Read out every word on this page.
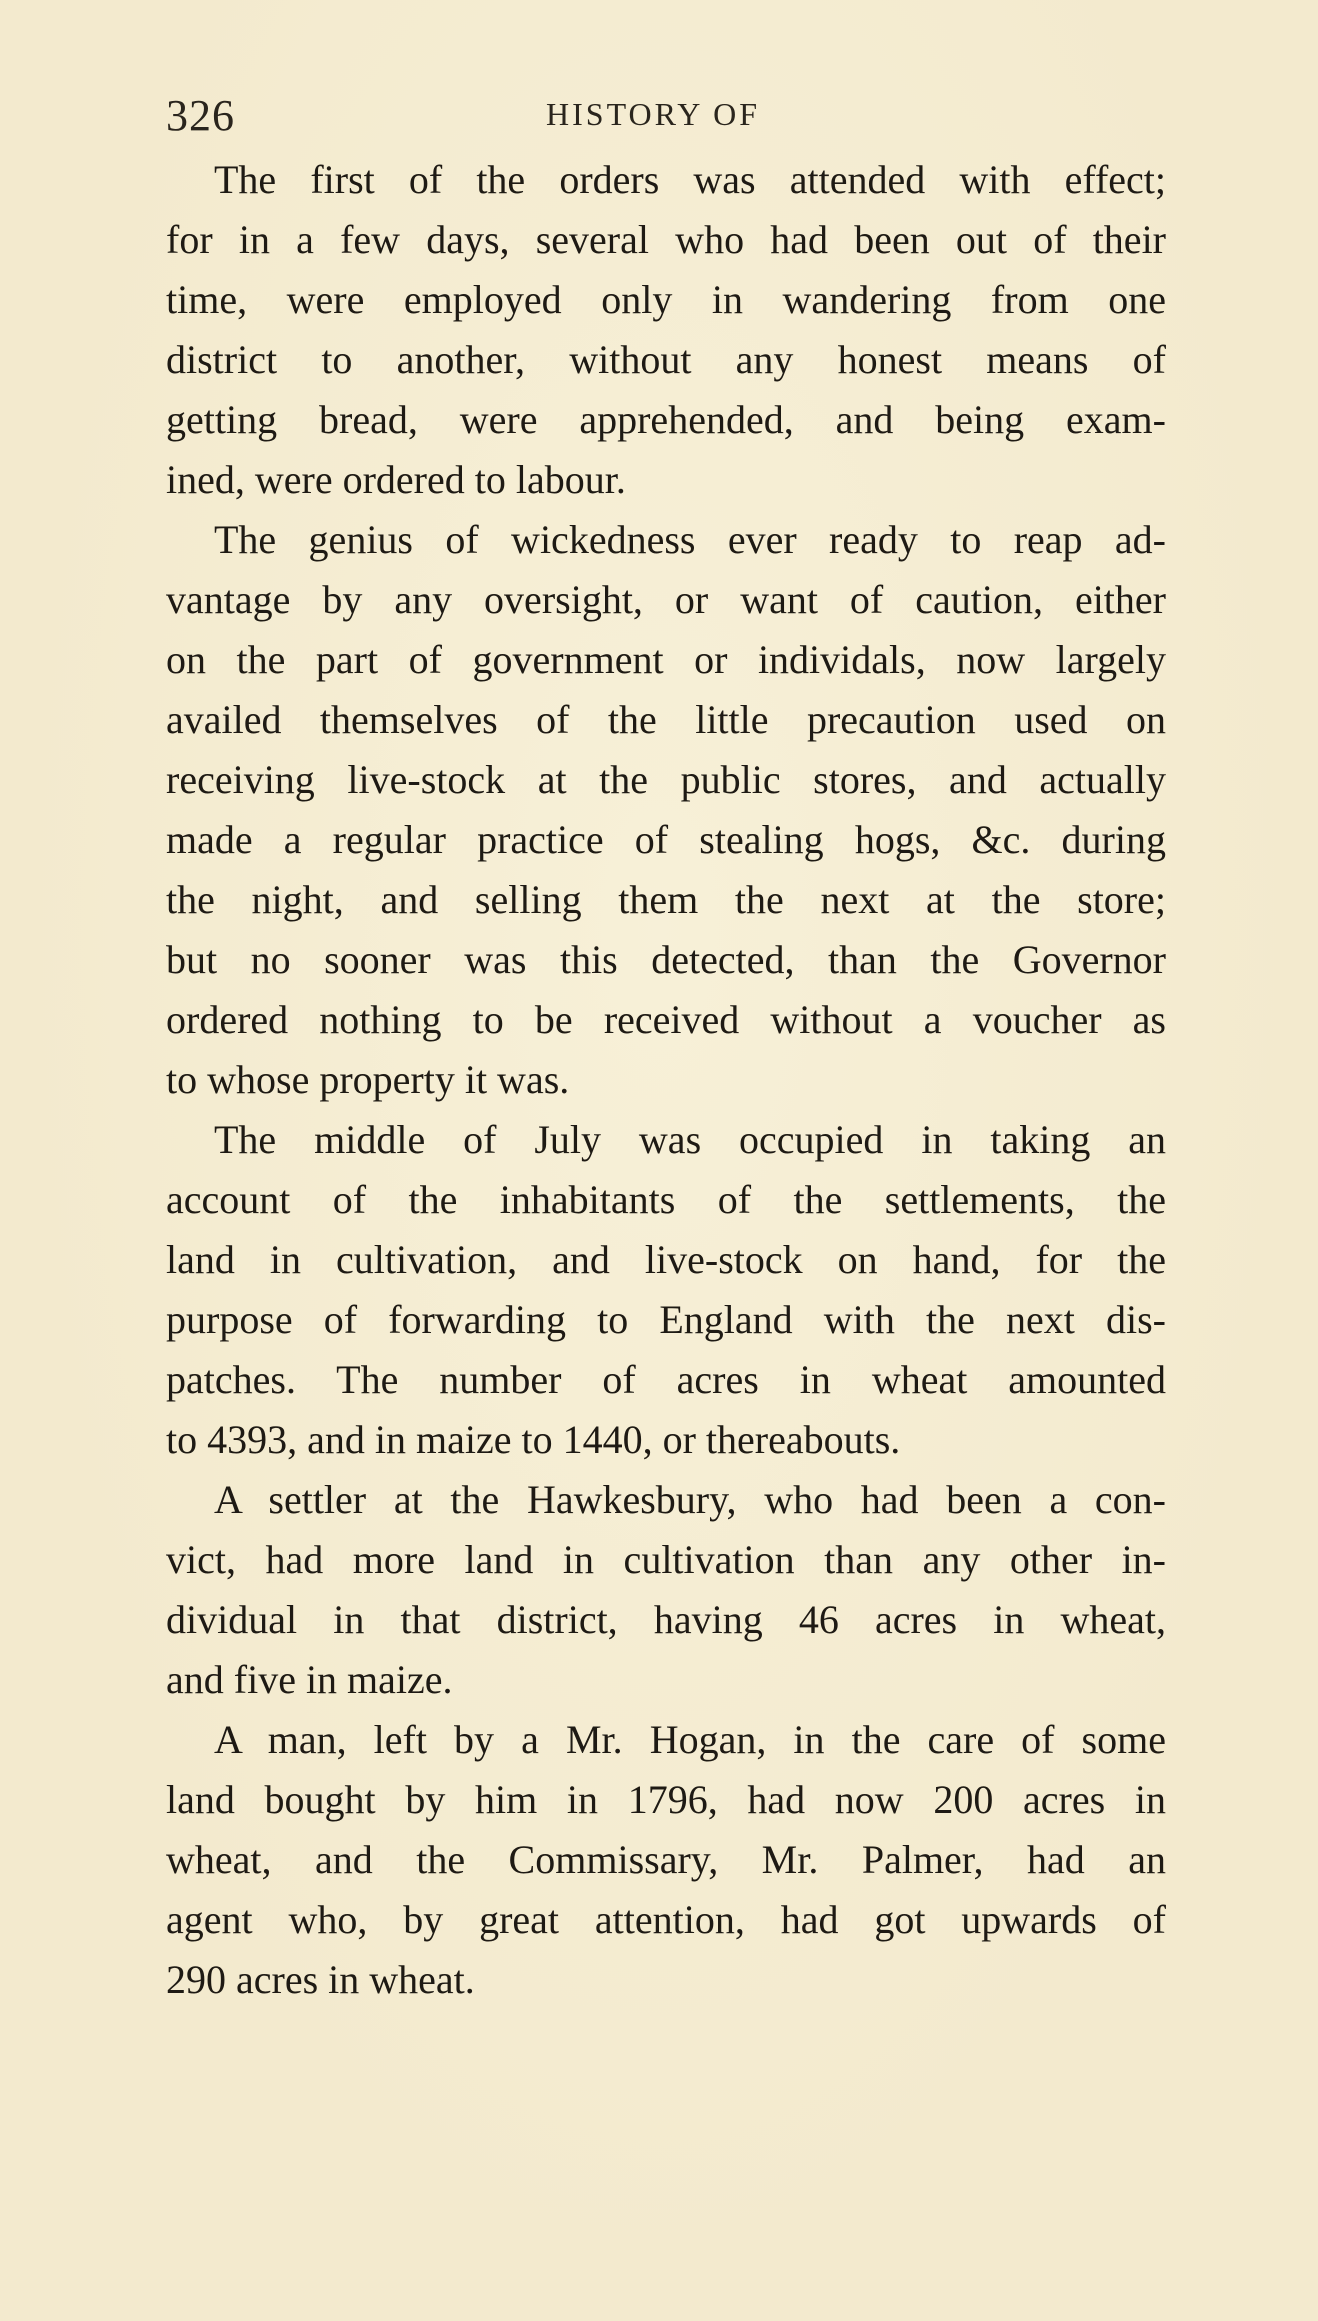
326	HISTORY OF

The first of the orders was attended with effect;
for in a few days, several who had been out of their
time, were employed only in wandering from one
district to another, without any honest means of
getting bread, were apprehended, and being exam-
ined, were ordered to labour.

The genius of wickedness ever ready to reap ad-
vantage by any oversight, or want of caution, either
on the part of government or individals, now largely
availed themselves of the little precaution used on
receiving live-stock at the public stores, and actually
made a regular practice of stealing hogs, &c. during
the night, and selling them the next at the store;
but no sooner was this detected, than the Governor
ordered nothing to be received without a voucher as
to whose property it was.

The middle of July was occupied in taking an
account of the inhabitants of the settlements, the
land in cultivation, and live-stock on hand, for the
purpose of forwarding to England with the next dis-
patches. The number of acres in wheat amounted
to 4393, and in maize to 1440, or thereabouts.

A settler at the Hawkesbury, who had been a con-
vict, had more land in cultivation than any other in-
dividual in that district, having 46 acres in wheat,
and five in maize.

A man, left by a Mr. Hogan, in the care of some
land bought by him in 1796, had now 200 acres in
wheat, and the Commissary, Mr. Palmer, had an
agent who, by great attention, had got upwards of
290 acres in wheat.
